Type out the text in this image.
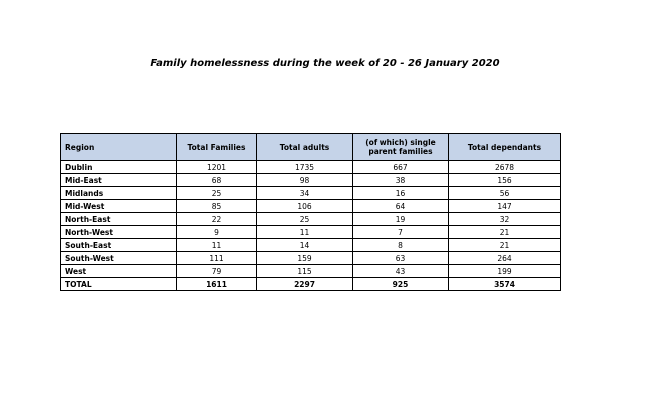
Family homelessness during the week of 20 - 26 January 2020
Region	Total Families	Total adults	(of which) single parent families	Total dependants
Dublin	1201	1735	667	2678
Mid-East	68	98	38	156
Midlands	25	34	16	56
Mid-West	85	106	64	147
North-East	22	25	19	32
North-West	9	11	7	21
South-East	11	14	8	21
South-West	111	159	63	264
West	79	115	43	199
TOTAL	1611	2297	925	3574
